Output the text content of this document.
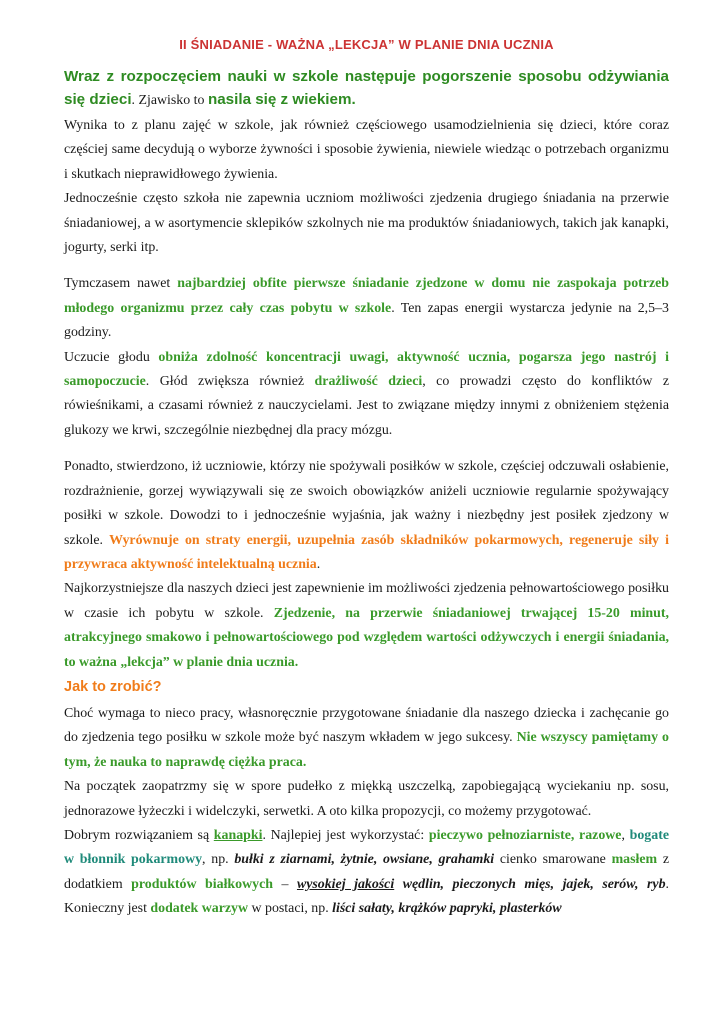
II ŚNIADANIE - WAŻNA „LEKCJA” W PLANIE DNIA UCZNIA
Wraz z rozpoczęciem nauki w szkole następuje pogorszenie sposobu odżywiania się dzieci. Zjawisko to nasila się z wiekiem.

Wynika to z planu zajęć w szkole, jak również częściowego usamodzielnienia się dzieci, które coraz częściej same decydują o wyborze żywności i sposobie żywienia, niewiele wiedząc o potrzebach organizmu i skutkach nieprawidłowego żywienia.

Jednocześnie często szkoła nie zapewnia uczniom możliwości zjedzenia drugiego śniadania na przerwie śniadaniowej, a w asortymencie sklepików szkolnych nie ma produktów śniadaniowych, takich jak kanapki, jogurty, serki itp.

Tymczasem nawet najbardziej obfite pierwsze śniadanie zjedzone w domu nie zaspokaja potrzeb młodego organizmu przez cały czas pobytu w szkole. Ten zapas energii wystarcza jedynie na 2,5–3 godziny.

Uczucie głodu obniża zdolność koncentracji uwagi, aktywność ucznia, pogarsza jego nastrój i samopoczucie. Głód zwiększa również drażliwość dzieci, co prowadzi często do konfliktów z rówieśnikami, a czasami również z nauczycielami. Jest to związane między innymi z obniżeniem stężenia glukozy we krwi, szczególnie niezbędnej dla pracy mózgu.

Ponadto, stwierdzono, iż uczniowie, którzy nie spożywali posiłków w szkole, częściej odczuwali osłabienie, rozdrażnienie, gorzej wywiązywali się ze swoich obowiązków aniżeli uczniowie regularnie spożywający posiłki w szkole. Dowodzi to i jednocześnie wyjaśnia, jak ważny i niezbędny jest posiłek zjedzony w szkole. Wyrównuje on straty energii, uzupełnia zasób składników pokarmowych, regeneruje siły i przywraca aktywność intelektualną ucznia.

Najkorzystniejsze dla naszych dzieci jest zapewnienie im możliwości zjedzenia pełnowartościowego posiłku w czasie ich pobytu w szkole. Zjedzenie, na przerwie śniadaniowej trwającej 15-20 minut, atrakcyjnego smakowo i pełnowartościowego pod względem wartości odżywczych i energii śniadania, to ważna „lekcja” w planie dnia ucznia.

Jak to zrobić?

Choć wymaga to nieco pracy, własnoręcznie przygotowane śniadanie dla naszego dziecka i zachęcanie go do zjedzenia tego posiłku w szkole może być naszym wkładem w jego sukcesy. Nie wszyscy pamiętamy o tym, że nauka to naprawdę ciężka praca.

Na początek zaopatrzmy się w spore pudełko z miękką uszczelką, zapobiegającą wyciekaniu np. sosu, jednorazowe łyżeczki i widelczyki, serwetki. A oto kilka propozycji, co możemy przygotować.

Dobrym rozwiązaniem są kanapki. Najlepiej jest wykorzystać: pieczywo pełnoziarniste, razowe, bogate w błonnik pokarmowy, np. bułki z ziarnami, żytnie, owsiane, grahamki cienko smarowane masłem z dodatkiem produktów białkowych – wysokiej jakości wędlin, pieczonych mięs, jajek, serów, ryb. Konieczny jest dodatek warzyw w postaci, np. liści sałaty, krążków papryki, plasterków
